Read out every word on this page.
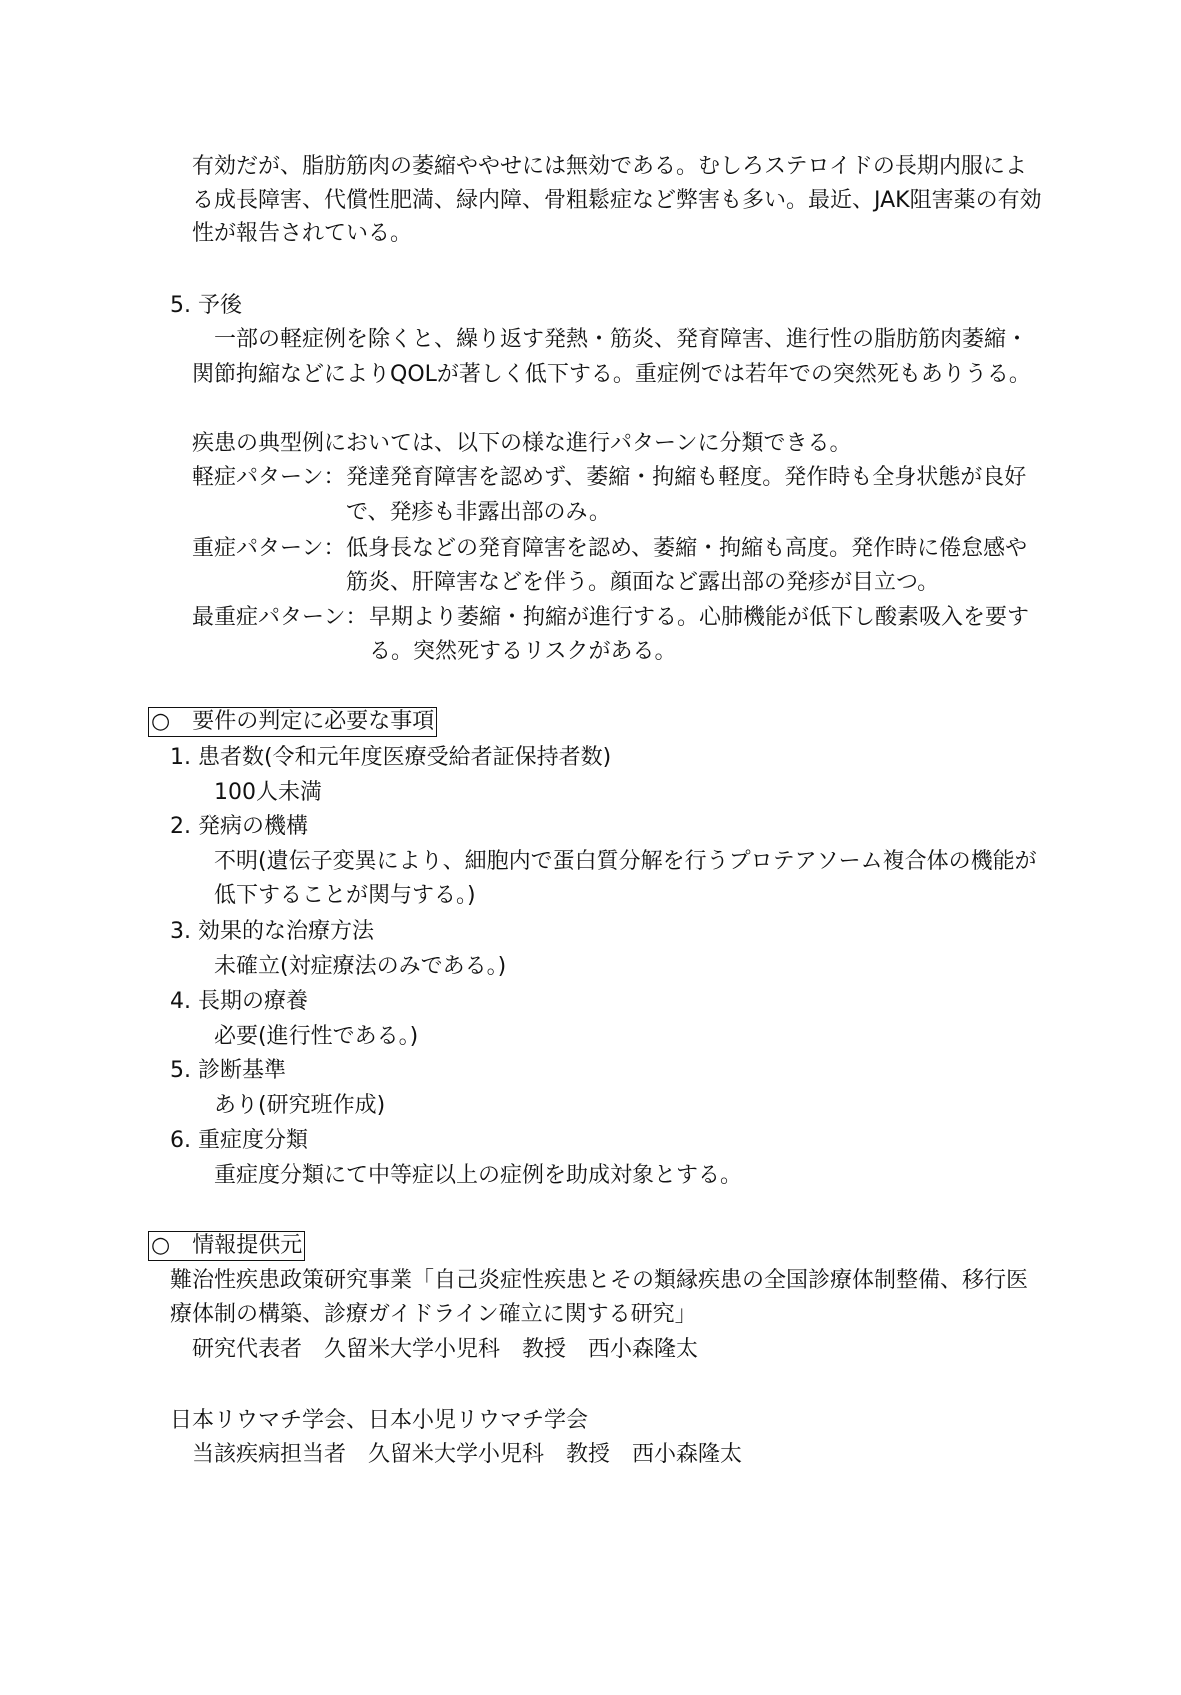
有効だが、脂肪筋肉の萎縮ややせには無効である。むしろステロイドの長期内服によ
る成長障害、代償性肥満、緑内障、骨粗鬆症など弊害も多い。最近、JAK阻害薬の有効
性が報告されている。
5. 予後
　一部の軽症例を除くと、繰り返す発熱・筋炎、発育障害、進行性の脂肪筋肉萎縮・
関節拘縮などによりQOLが著しく低下する。重症例では若年での突然死もありうる。
疾患の典型例においては、以下の様な進行パターンに分類できる。
軽症パターン： 発達発育障害を認めず、萎縮・拘縮も軽度。発作時も全身状態が良好
で、発疹も非露出部のみ。
重症パターン： 低身長などの発育障害を認め、萎縮・拘縮も高度。発作時に倦怠感や
筋炎、肝障害などを伴う。顔面など露出部の発疹が目立つ。
最重症パターン： 早期より萎縮・拘縮が進行する。心肺機能が低下し酸素吸入を要す
る。突然死するリスクがある。
○ 要件の判定に必要な事項
1. 患者数(令和元年度医療受給者証保持者数)
100人未満
2. 発病の機構
不明(遺伝子変異により、細胞内で蛋白質分解を行うプロテアソーム複合体の機能が
低下することが関与する。)
3. 効果的な治療方法
未確立(対症療法のみである。)
4. 長期の療養
必要(進行性である。)
5. 診断基準
あり(研究班作成)
6. 重症度分類
重症度分類にて中等症以上の症例を助成対象とする。
○ 情報提供元
難治性疾患政策研究事業「自己炎症性疾患とその類縁疾患の全国診療体制整備、移行医
療体制の構築、診療ガイドライン確立に関する研究」
研究代表者　久留米大学小児科　教授　西小森隆太
日本リウマチ学会、日本小児リウマチ学会
当該疾病担当者　久留米大学小児科　教授　西小森隆太
